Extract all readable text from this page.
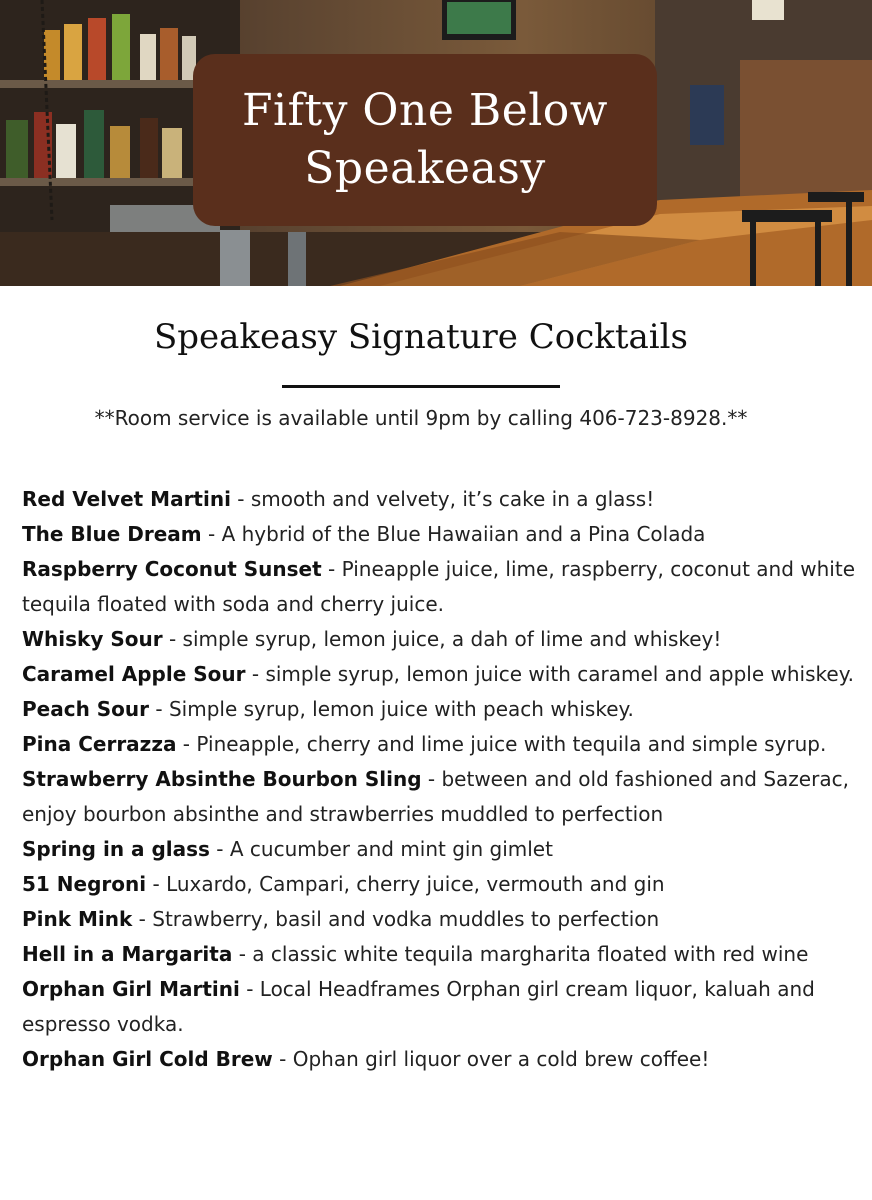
Fifty One Below
Speakeasy
Speakeasy Signature Cocktails
**Room service is available until 9pm by calling 406-723-8928.**
Red Velvet Martini - smooth and velvety, it’s cake in a glass!
The Blue Dream - A hybrid of the Blue Hawaiian and a Pina Colada
Raspberry Coconut Sunset - Pineapple juice, lime, raspberry, coconut and white tequila floated with soda and cherry juice.
Whisky Sour - simple syrup, lemon juice, a dah of lime and whiskey!
Caramel Apple Sour - simple syrup, lemon juice with caramel and apple whiskey.
Peach Sour - Simple syrup, lemon juice with peach whiskey.
Pina Cerrazza - Pineapple, cherry and lime juice with tequila and simple syrup.
Strawberry Absinthe Bourbon Sling - between and old fashioned and Sazerac, enjoy bourbon absinthe and strawberries muddled to perfection
Spring in a glass - A cucumber and mint gin gimlet
51 Negroni - Luxardo, Campari, cherry juice, vermouth and gin
Pink Mink - Strawberry, basil and vodka muddles to perfection
Hell in a Margarita - a classic white tequila margharita floated with red wine
Orphan Girl Martini - Local Headframes Orphan girl cream liquor, kaluah and espresso vodka.
Orphan Girl Cold Brew - Ophan girl liquor over a cold brew coffee!
